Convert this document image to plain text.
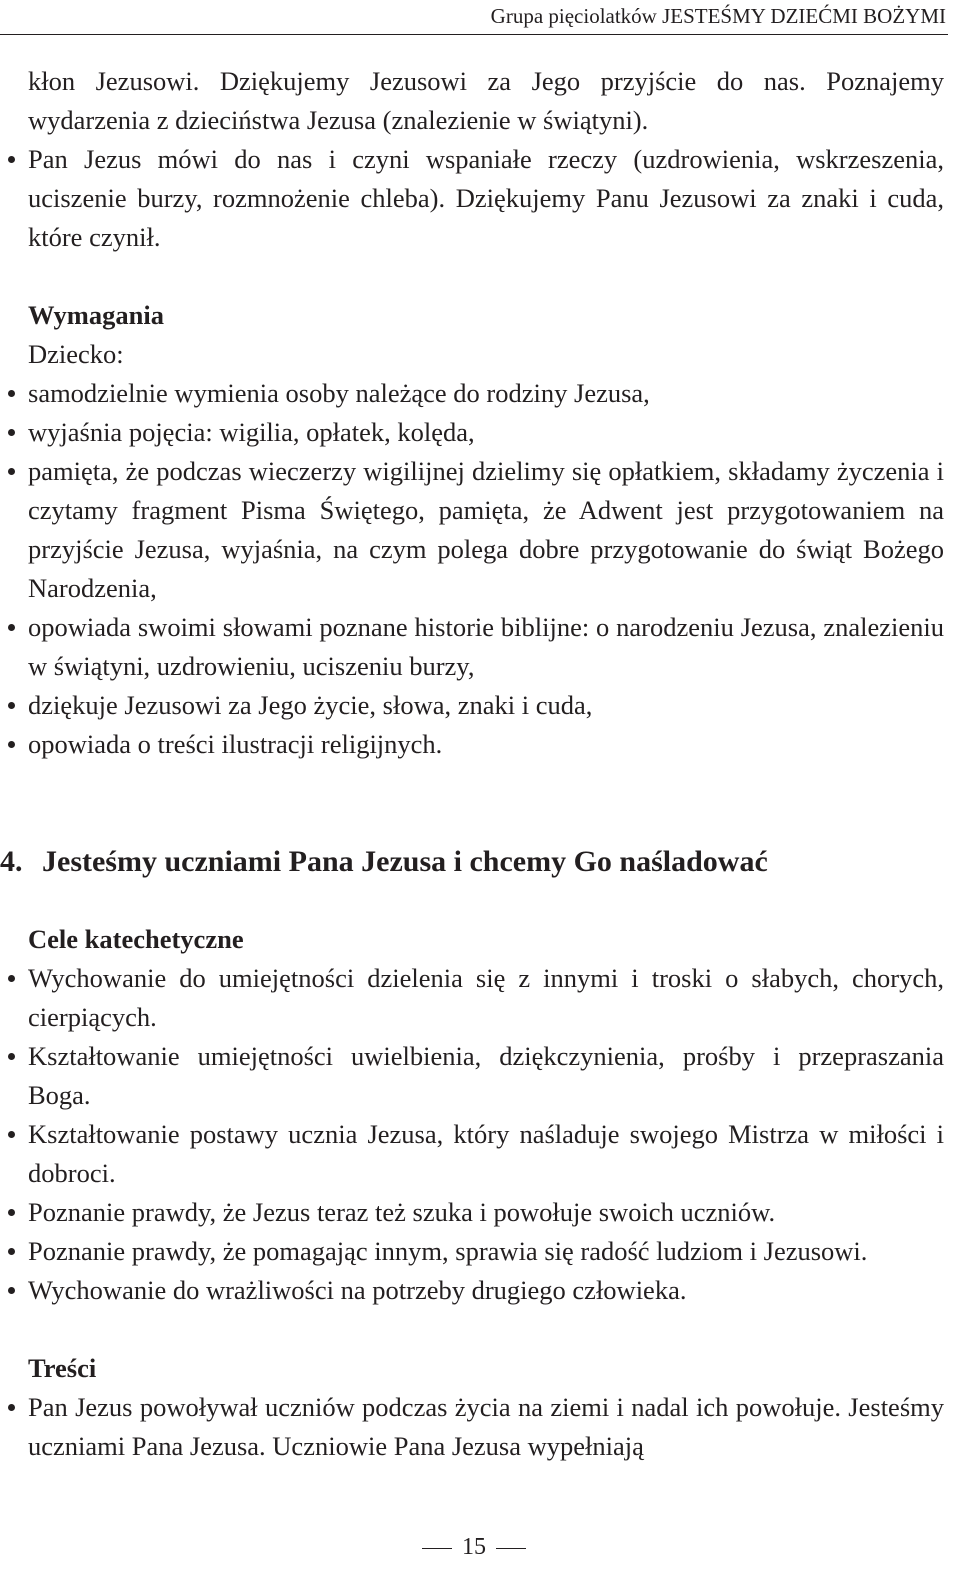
Grupa pięciolatków JESTEŚMY DZIEĆMI BOŻYMI

kłon Jezusowi. Dziękujemy Jezusowi za Jego przyjście do nas. Poznajemy wydarzenia z dzieciństwa Jezusa (znalezienie w świątyni).

Pan Jezus mówi do nas i czyni wspaniałe rzeczy (uzdrowienia, wskrzeszenia, uciszenie burzy, rozmnożenie chleba). Dziękujemy Panu Jezusowi za znaki i cuda, które czynił.

Wymagania

Dziecko:

samodzielnie wymienia osoby należące do rodziny Jezusa,
wyjaśnia pojęcia: wigilia, opłatek, kolęda,
pamięta, że podczas wieczerzy wigilijnej dzielimy się opłatkiem, składamy życzenia i czytamy fragment Pisma Świętego, pamięta, że Adwent jest przygotowaniem na przyjście Jezusa, wyjaśnia, na czym polega dobre przygotowanie do świąt Bożego Narodzenia,
opowiada swoimi słowami poznane historie biblijne: o narodzeniu Jezusa, znalezieniu w świątyni, uzdrowieniu, uciszeniu burzy,
dziękuje Jezusowi za Jego życie, słowa, znaki i cuda,
opowiada o treści ilustracji religijnych.
4. Jesteśmy uczniami Pana Jezusa i chcemy Go naśladować

Cele katechetyczne

Wychowanie do umiejętności dzielenia się z innymi i troski o słabych, chorych, cierpiących.
Kształtowanie umiejętności uwielbienia, dziękczynienia, prośby i przepraszania Boga.
Kształtowanie postawy ucznia Jezusa, który naśladuje swojego Mistrza w miłości i dobroci.
Poznanie prawdy, że Jezus teraz też szuka i powołuje swoich uczniów.
Poznanie prawdy, że pomagając innym, sprawia się radość ludziom i Jezusowi.
Wychowanie do wrażliwości na potrzeby drugiego człowieka.

Treści

Pan Jezus powoływał uczniów podczas życia na ziemi i nadal ich powołuje. Jesteśmy uczniami Pana Jezusa. Uczniowie Pana Jezusa wypełniają
15
